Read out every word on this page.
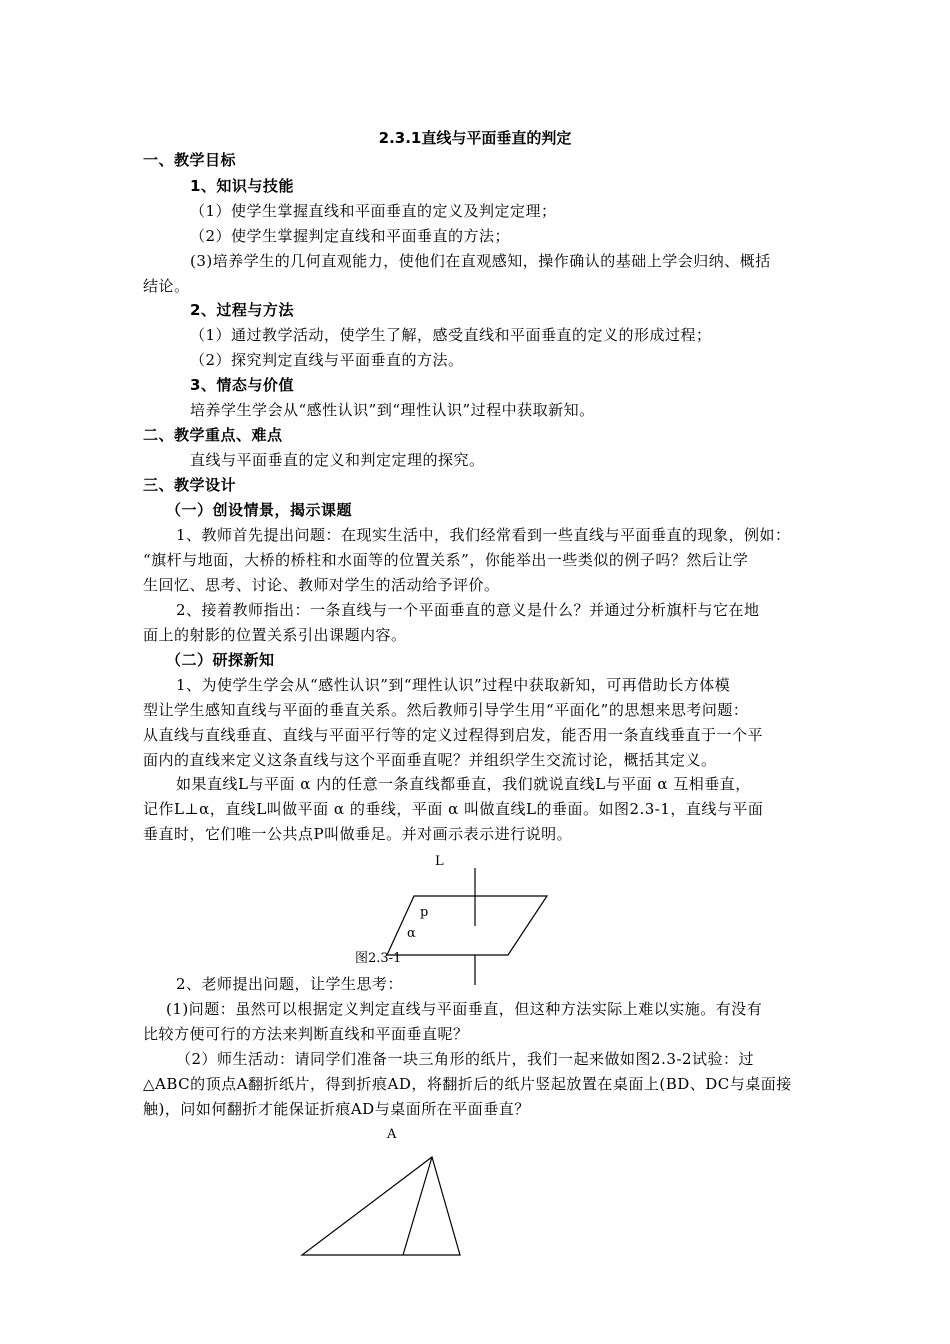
2.3.1直线与平面垂直的判定
一、教学目标
1、知识与技能
（1）使学生掌握直线和平面垂直的定义及判定定理；
（2）使学生掌握判定直线和平面垂直的方法；
(3)培养学生的几何直观能力，使他们在直观感知，操作确认的基础上学会归纳、概括
结论。
2、过程与方法
（1）通过教学活动，使学生了解，感受直线和平面垂直的定义的形成过程；
（2）探究判定直线与平面垂直的方法。
3、情态与价值
培养学生学会从“感性认识”到“理性认识”过程中获取新知。
二、教学重点、难点
直线与平面垂直的定义和判定定理的探究。
三、教学设计
（一）创设情景，揭示课题
1、教师首先提出问题：在现实生活中，我们经常看到一些直线与平面垂直的现象，例如：
“旗杆与地面，大桥的桥柱和水面等的位置关系”，你能举出一些类似的例子吗？然后让学
生回忆、思考、讨论、教师对学生的活动给予评价。
2、接着教师指出：一条直线与一个平面垂直的意义是什么？并通过分析旗杆与它在地
面上的射影的位置关系引出课题内容。
（二）研探新知
1、为使学生学会从“感性认识”到“理性认识”过程中获取新知，可再借助长方体模
型让学生感知直线与平面的垂直关系。然后教师引导学生用“平面化”的思想来思考问题：
从直线与直线垂直、直线与平面平行等的定义过程得到启发，能否用一条直线垂直于一个平
面内的直线来定义这条直线与这个平面垂直呢？并组织学生交流讨论，概括其定义。
如果直线L与平面 α 内的任意一条直线都垂直，我们就说直线L与平面 α 互相垂直，
记作L⊥α，直线L叫做平面 α 的垂线，平面 α 叫做直线L的垂面。如图2.3-1，直线与平面
垂直时，它们唯一公共点P叫做垂足。并对画示表示进行说明。
L
p
α
图2.3-1
A
2、老师提出问题，让学生思考：
(1)问题：虽然可以根据定义判定直线与平面垂直，但这种方法实际上难以实施。有没有
比较方便可行的方法来判断直线和平面垂直呢？
（2）师生活动：请同学们准备一块三角形的纸片，我们一起来做如图2.3-2试验：过
△ABC的顶点A翻折纸片，得到折痕AD，将翻折后的纸片竖起放置在桌面上(BD、DC与桌面接
触)，问如何翻折才能保证折痕AD与桌面所在平面垂直？
